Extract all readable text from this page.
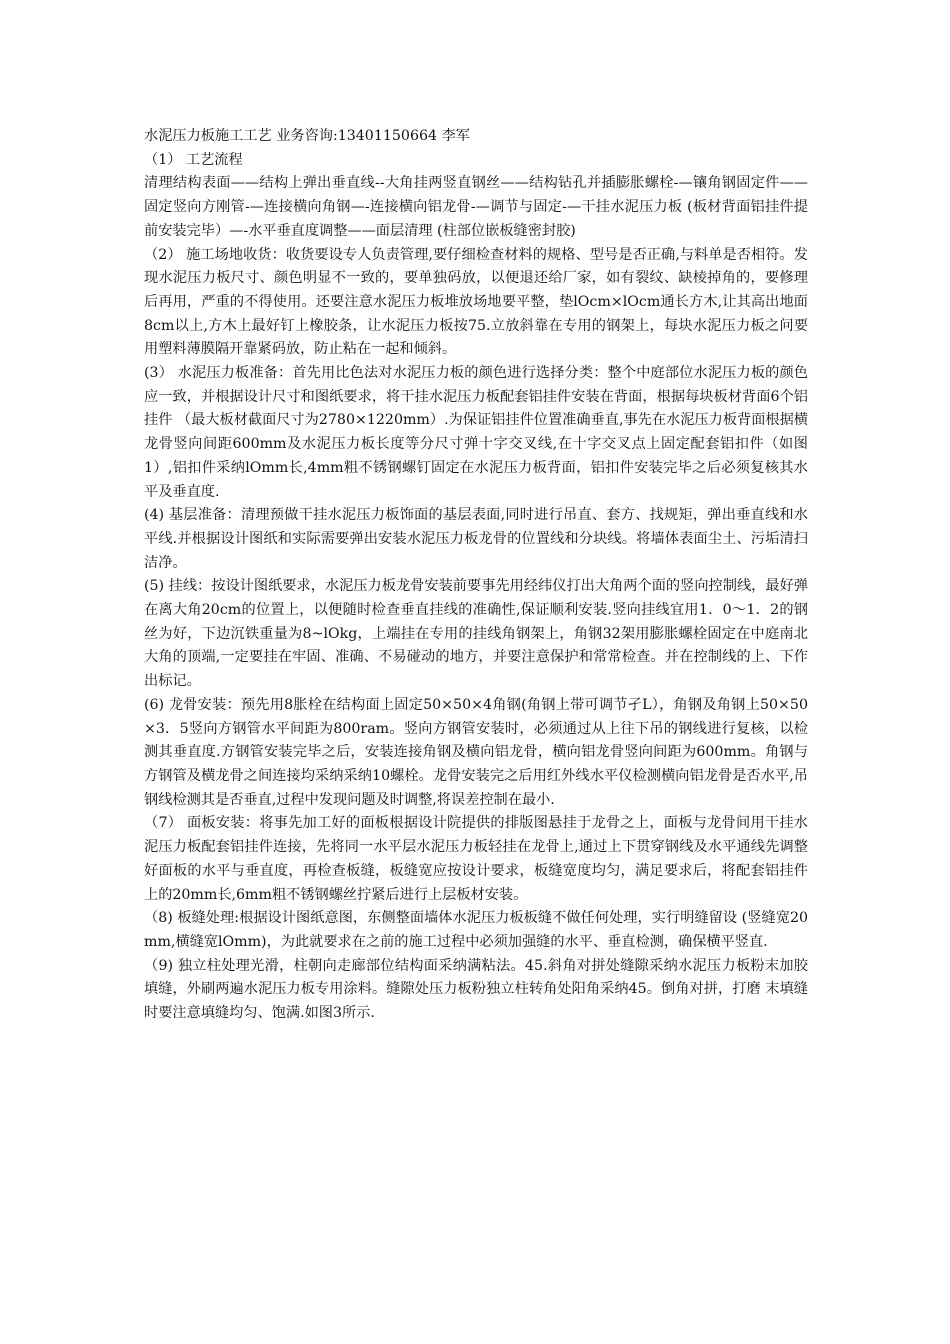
水泥压力板施工工艺 业务咨询:13401150664 李军

（1） 工艺流程

清理结构表面——结构上弹出垂直线--大角挂两竖直钢丝——结构钻孔并插膨胀螺栓-—镶角钢固定件——固定竖向方刚管-—连接横向角钢—-连接横向铝龙骨-—调节与固定-—干挂水泥压力板 (板材背面铝挂件提前安装完毕）—-水平垂直度调整——面层清理 (柱部位嵌板缝密封胶)

（2） 施工场地收货：收货要设专人负责管理,要仔细检查材料的规格、型号是否正确,与料单是否相符。发现水泥压力板尺寸、颜色明显不一致的，要单独码放，以便退还给厂家，如有裂纹、缺棱掉角的，要修理后再用，严重的不得使用。还要注意水泥压力板堆放场地要平整，垫lOcm×lOcm通长方木,让其高出地面8cm以上,方木上最好钉上橡胶条，让水泥压力板按75.立放斜靠在专用的钢架上，每块水泥压力板之问要用塑料薄膜隔开靠紧码放，防止粘在一起和倾斜。

(3） 水泥压力板准备：首先用比色法对水泥压力板的颜色进行选择分类：整个中庭部位水泥压力板的颜色应一致，并根据设计尺寸和图纸要求，将干挂水泥压力板配套铝挂件安装在背面，根据每块板材背面6个铝挂件 （最大板材截面尺寸为2780×1220mm）.为保证铝挂件位置准确垂直,事先在水泥压力板背面根据横龙骨竖向间距600mm及水泥压力板长度等分尺寸弹十字交叉线,在十字交叉点上固定配套铝扣件（如图1）,铝扣件采纳lOmm长,4mm粗不锈钢螺钉固定在水泥压力板背面，铝扣件安装完毕之后必须复核其水平及垂直度.

(4) 基层准备：清理预做干挂水泥压力板饰面的基层表面,同时进行吊直、套方、找规矩，弹出垂直线和水平线.并根据设计图纸和实际需要弹出安装水泥压力板龙骨的位置线和分块线。将墙体表面尘土、污垢清扫洁净。

(5) 挂线：按设计图纸要求，水泥压力板龙骨安装前要事先用经纬仪打出大角两个面的竖向控制线，最好弹在离大角20cm的位置上，以便随时检查垂直挂线的准确性,保证顺利安装.竖向挂线宜用1．0～1．2的钢丝为好，下边沉铁重量为8~lOkg，上端挂在专用的挂线角钢架上，角钢32架用膨胀螺栓固定在中庭南北大角的顶端,一定要挂在牢固、准确、不易碰动的地方，并要注意保护和常常检查。并在控制线的上、下作出标记。

(6) 龙骨安装：预先用8胀栓在结构面上固定50×50×4角钢(角钢上带可调节孑L），角钢及角钢上50×50×3．5竖向方钢管水平间距为800ram。竖向方钢管安装时，必须通过从上往下吊的钢线进行复核，以检测其垂直度.方钢管安装完毕之后，安装连接角钢及横向铝龙骨，横向铝龙骨竖向间距为600mm。角钢与方钢管及横龙骨之间连接均采纳采纳10螺栓。龙骨安装完之后用红外线水平仪检测横向铝龙骨是否水平,吊钢线检测其是否垂直,过程中发现问题及时调整,将误差控制在最小.

（7） 面板安装：将事先加工好的面板根据设计院提供的排版图悬挂于龙骨之上，面板与龙骨间用干挂水泥压力板配套铝挂件连接，先将同一水平层水泥压力板轻挂在龙骨上,通过上下贯穿钢线及水平通线先调整好面板的水平与垂直度，再检查板缝，板缝宽应按设计要求，板缝宽度均匀，满足要求后，将配套铝挂件上的20mm长,6mm粗不锈钢螺丝拧紧后进行上层板材安装。

（8) 板缝处理:根据设计图纸意图，东侧整面墙体水泥压力板板缝不做任何处理，实行明缝留设 (竖缝宽20mm,横缝宽lOmm)，为此就要求在之前的施工过程中必须加强缝的水平、垂直检测，确保横平竖直.

（9) 独立柱处理光滑，柱朝向走廊部位结构面采纳满粘法。45.斜角对拼处缝隙采纳水泥压力板粉末加胶填缝，外刷两遍水泥压力板专用涂料。缝隙处压力板粉独立柱转角处阳角采纳45。倒角对拼，打磨 末填缝时要注意填缝均匀、饱满.如图3所示.
